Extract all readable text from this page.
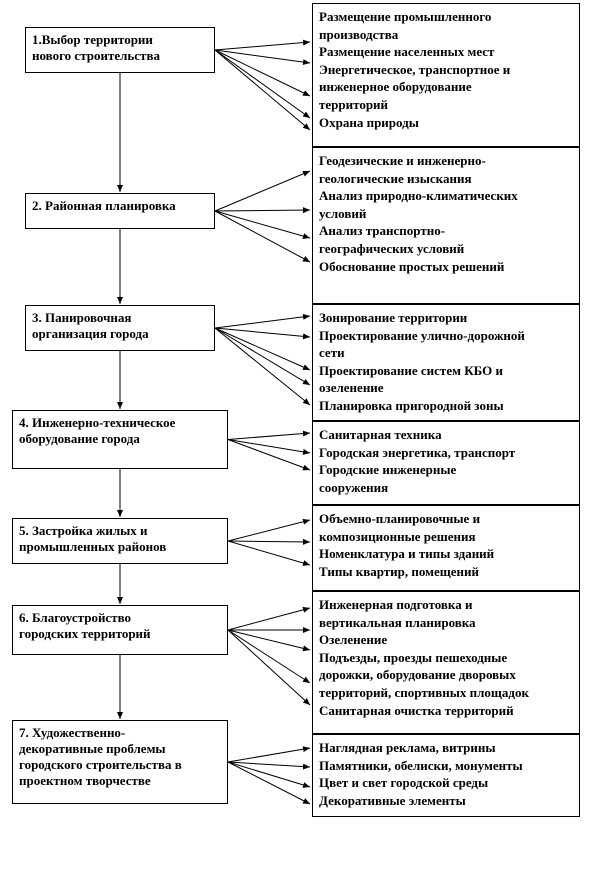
1.Выбор территории
нового строительства
2. Районная планировка
3. Панировочная
организация города
4. Инженерно-техническое
оборудование города
5. Застройка жилых и
промышленных районов
6. Благоустройство
городских территорий
7. Художественно-
декоративные проблемы
городского строительства в
проектном творчестве
Размещение промышленного
производства
Размещение населенных мест
Энергетическое, транспортное и
инженерное оборудование
территорий
Охрана природы
Геодезические и инженерно-
геологические изыскания
Анализ природно-климатических
условий
Анализ транспортно-
географических условий
Обоснование простых решений
Зонирование территории
Проектирование улично-дорожной
сети
Проектирование систем КБО и
озеленение
Планировка пригородной зоны
Санитарная техника
Городская энергетика, транспорт
Городские инженерные
сооружения
Объемно-планировочные и
композиционные решения
Номенклатура и типы зданий
Типы квартир, помещений
Инженерная подготовка и
вертикальная планировка
Озеленение
Подъезды, проезды пешеходные
дорожки, оборудование дворовых
территорий, спортивных площадок
Санитарная очистка территорий
Наглядная реклама, витрины
Памятники, обелиски, монументы
Цвет и свет городской среды
Декоративные элементы
